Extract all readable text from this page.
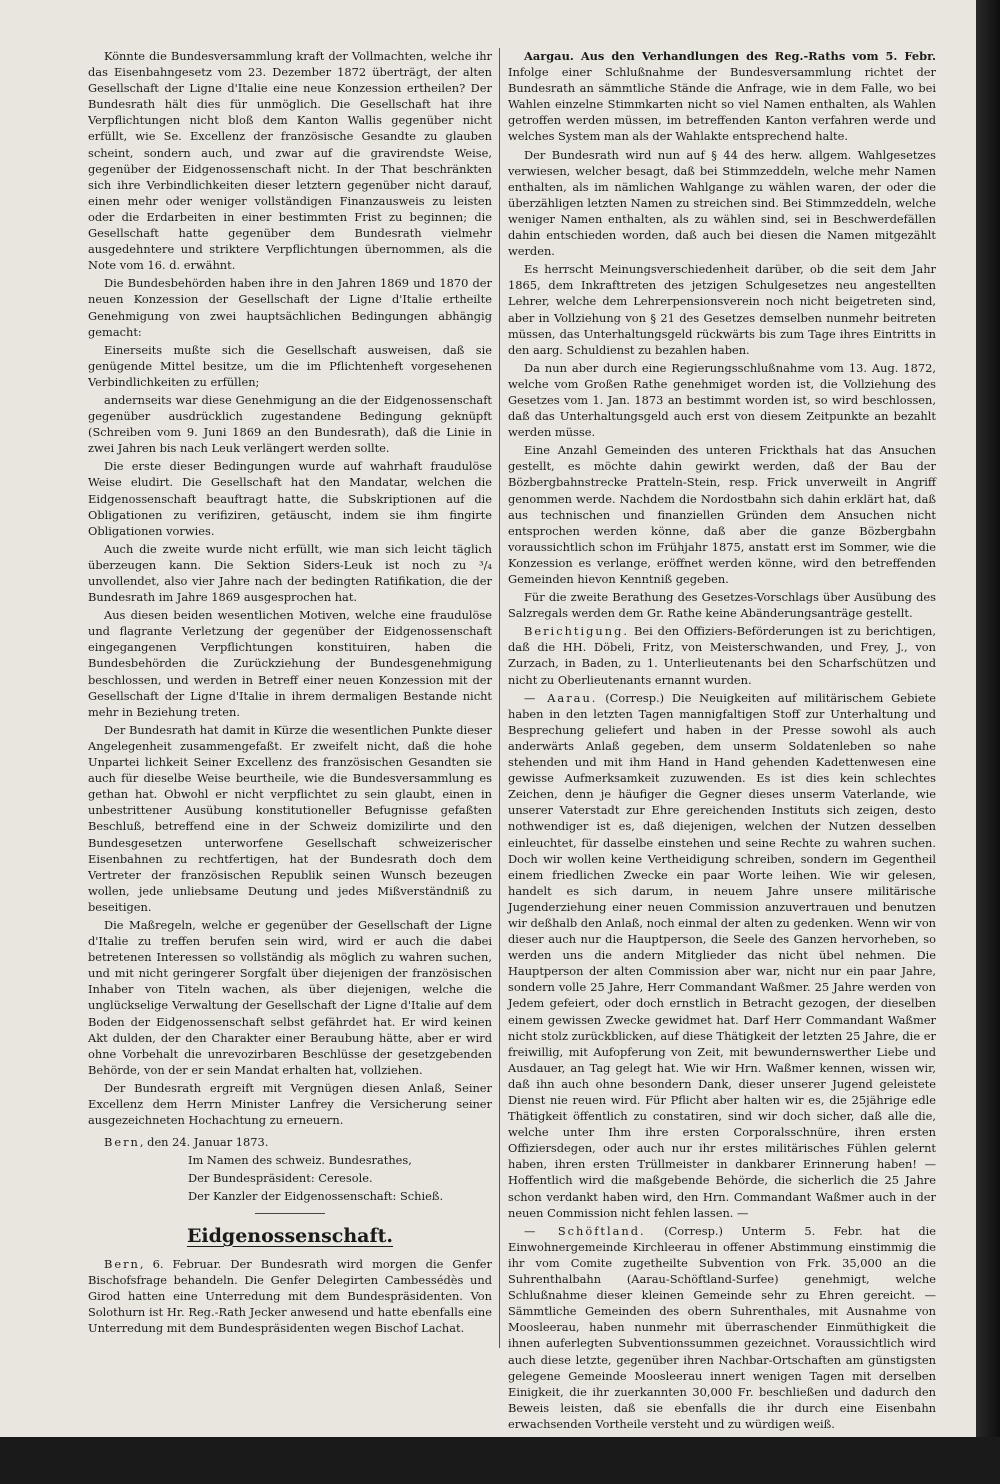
Könnte die Bundesversammlung kraft der Vollmachten, welche ihr das Eisenbahngesetz vom 23. Dezember 1872 überträgt, der alten Gesellschaft der Ligne d'Italie eine neue Konzession ertheilen? Der Bundesrath hält dies für unmöglich. Die Gesellschaft hat ihre Verpflichtungen nicht bloß dem Kanton Wallis gegenüber nicht erfüllt, wie Se. Excellenz der französische Gesandte zu glauben scheint, sondern auch, und zwar auf die gravirendste Weise, gegenüber der Eidgenossenschaft nicht. In der That beschränkten sich ihre Verbindlichkeiten dieser letztern gegenüber nicht darauf, einen mehr oder weniger vollständigen Finanzausweis zu leisten oder die Erdarbeiten in einer bestimmten Frist zu beginnen; die Gesellschaft hatte gegenüber dem Bundesrath vielmehr ausgedehntere und striktere Verpflichtungen übernommen, als die Note vom 16. d. erwähnt.

Die Bundesbehörden haben ihre in den Jahren 1869 und 1870 der neuen Konzession der Gesellschaft der Ligne d'Italie ertheilte Genehmigung von zwei hauptsächlichen Bedingungen abhängig gemacht:

Einerseits mußte sich die Gesellschaft ausweisen, daß sie genügende Mittel besitze, um die im Pflichtenheft vorgesehenen Verbindlichkeiten zu erfüllen;

andernseits war diese Genehmigung an die der Eidgenossenschaft gegenüber ausdrücklich zugestandene Bedingung geknüpft (Schreiben vom 9. Juni 1869 an den Bundesrath), daß die Linie in zwei Jahren bis nach Leuk verlängert werden sollte.

Die erste dieser Bedingungen wurde auf wahrhaft fraudulöse Weise eludirt. Die Gesellschaft hat den Mandatar, welchen die Eidgenossenschaft beauftragt hatte, die Subskriptionen auf die Obligationen zu verifiziren, getäuscht, indem sie ihm fingirte Obligationen vorwies.

Auch die zweite wurde nicht erfüllt, wie man sich leicht täglich überzeugen kann. Die Sektion Siders-Leuk ist noch zu ³/₄ unvollendet, also vier Jahre nach der bedingten Ratifikation, die der Bundesrath im Jahre 1869 ausgesprochen hat.

Aus diesen beiden wesentlichen Motiven, welche eine fraudulöse und flagrante Verletzung der gegenüber der Eidgenossenschaft eingegangenen Verpflichtungen konstituiren, haben die Bundesbehörden die Zurückziehung der Bundesgenehmigung beschlossen, und werden in Betreff einer neuen Konzession mit der Gesellschaft der Ligne d'Italie in ihrem dermaligen Bestande nicht mehr in Beziehung treten.

Der Bundesrath hat damit in Kürze die wesentlichen Punkte dieser Angelegenheit zusammengefaßt. Er zweifelt nicht, daß die hohe Unpartei lichkeit Seiner Excellenz des französischen Gesandten sie auch für dieselbe Weise beurtheile, wie die Bundesversammlung es gethan hat. Obwohl er nicht verpflichtet zu sein glaubt, einen in unbestrittener Ausübung konstitutioneller Befugnisse gefaßten Beschluß, betreffend eine in der Schweiz domizilirte und den Bundesgesetzen unterworfene Gesellschaft schweizerischer Eisenbahnen zu rechtfertigen, hat der Bundesrath doch dem Vertreter der französischen Republik seinen Wunsch bezeugen wollen, jede unliebsame Deutung und jedes Mißverständniß zu beseitigen.

Die Maßregeln, welche er gegenüber der Gesellschaft der Ligne d'Italie zu treffen berufen sein wird, wird er auch die dabei betretenen Interessen so vollständig als möglich zu wahren suchen, und mit nicht geringerer Sorgfalt über diejenigen der französischen Inhaber von Titeln wachen, als über diejenigen, welche die unglückselige Verwaltung der Gesellschaft der Ligne d'Italie auf dem Boden der Eidgenossenschaft selbst gefährdet hat. Er wird keinen Akt dulden, der den Charakter einer Beraubung hätte, aber er wird ohne Vorbehalt die unrevozirbaren Beschlüsse der gesetzgebenden Behörde, von der er sein Mandat erhalten hat, vollziehen.

Der Bundesrath ergreift mit Vergnügen diesen Anlaß, Seiner Excellenz dem Herrn Minister Lanfrey die Versicherung seiner ausgezeichneten Hochachtung zu erneuern.

Bern, den 24. Januar 1873.

Im Namen des schweiz. Bundesrathes,

Der Bundespräsident: Ceresole.

Der Kanzler der Eidgenossenschaft: Schieß.

Eidgenossenschaft.

Bern, 6. Februar. Der Bundesrath wird morgen die Genfer Bischofsfrage behandeln. Die Genfer Delegirten Cambessédès und Girod hatten eine Unterredung mit dem Bundespräsidenten. Von Solothurn ist Hr. Reg.-Rath Jecker anwesend und hatte ebenfalls eine Unterredung mit dem Bundespräsidenten wegen Bischof Lachat.

Aargau. Aus den Verhandlungen des Reg.-Raths vom 5. Febr. Infolge einer Schlußnahme der Bundesversammlung richtet der Bundesrath an sämmtliche Stände die Anfrage, wie in dem Falle, wo bei Wahlen einzelne Stimmkarten nicht so viel Namen enthalten, als Wahlen getroffen werden müssen, im betreffenden Kanton verfahren werde und welches System man als der Wahlakte entsprechend halte.

Der Bundesrath wird nun auf § 44 des herw. allgem. Wahlgesetzes verwiesen, welcher besagt, daß bei Stimmzeddeln, welche mehr Namen enthalten, als im nämlichen Wahlgange zu wählen waren, der oder die überzähligen letzten Namen zu streichen sind. Bei Stimmzeddeln, welche weniger Namen enthalten, als zu wählen sind, sei in Beschwerdefällen dahin entschieden worden, daß auch bei diesen die Namen mitgezählt werden.

Es herrscht Meinungsverschiedenheit darüber, ob die seit dem Jahr 1865, dem Inkrafttreten des jetzigen Schulgesetzes neu angestellten Lehrer, welche dem Lehrerpensionsverein noch nicht beigetreten sind, aber in Vollziehung von § 21 des Gesetzes demselben nunmehr beitreten müssen, das Unterhaltungsgeld rückwärts bis zum Tage ihres Eintritts in den aarg. Schuldienst zu bezahlen haben.

Da nun aber durch eine Regierungsschlußnahme vom 13. Aug. 1872, welche vom Großen Rathe genehmiget worden ist, die Vollziehung des Gesetzes vom 1. Jan. 1873 an bestimmt worden ist, so wird beschlossen, daß das Unterhaltungsgeld auch erst von diesem Zeitpunkte an bezahlt werden müsse.

Eine Anzahl Gemeinden des unteren Frickthals hat das Ansuchen gestellt, es möchte dahin gewirkt werden, daß der Bau der Bözbergbahnstrecke Pratteln-Stein, resp. Frick unverweilt in Angriff genommen werde. Nachdem die Nordostbahn sich dahin erklärt hat, daß aus technischen und finanziellen Gründen dem Ansuchen nicht entsprochen werden könne, daß aber die ganze Bözbergbahn voraussichtlich schon im Frühjahr 1875, anstatt erst im Sommer, wie die Konzession es verlange, eröffnet werden könne, wird den betreffenden Gemeinden hievon Kenntniß gegeben.

Für die zweite Berathung des Gesetzes-Vorschlags über Ausübung des Salzregals werden dem Gr. Rathe keine Abänderungsanträge gestellt.

Berichtigung. Bei den Offiziers-Beförderungen ist zu berichtigen, daß die HH. Döbeli, Fritz, von Meisterschwanden, und Frey, J., von Zurzach, in Baden, zu 1. Unterlieutenants bei den Scharfschützen und nicht zu Oberlieutenants ernannt wurden.

— Aarau. (Corresp.) Die Neuigkeiten auf militärischem Gebiete haben in den letzten Tagen mannigfaltigen Stoff zur Unterhaltung und Besprechung geliefert und haben in der Presse sowohl als auch anderwärts Anlaß gegeben, dem unserm Soldatenleben so nahe stehenden und mit ihm Hand in Hand gehenden Kadettenwesen eine gewisse Aufmerksamkeit zuzuwenden. Es ist dies kein schlechtes Zeichen, denn je häufiger die Gegner dieses unserm Vaterlande, wie unserer Vaterstadt zur Ehre gereichenden Instituts sich zeigen, desto nothwendiger ist es, daß diejenigen, welchen der Nutzen desselben einleuchtet, für dasselbe einstehen und seine Rechte zu wahren suchen. Doch wir wollen keine Vertheidigung schreiben, sondern im Gegentheil einem friedlichen Zwecke ein paar Worte leihen. Wie wir gelesen, handelt es sich darum, in neuem Jahre unsere militärische Jugenderziehung einer neuen Commission anzuvertrauen und benutzen wir deßhalb den Anlaß, noch einmal der alten zu gedenken. Wenn wir von dieser auch nur die Hauptperson, die Seele des Ganzen hervorheben, so werden uns die andern Mitglieder das nicht übel nehmen. Die Hauptperson der alten Commission aber war, nicht nur ein paar Jahre, sondern volle 25 Jahre, Herr Commandant Waßmer. 25 Jahre werden von Jedem gefeiert, oder doch ernstlich in Betracht gezogen, der dieselben einem gewissen Zwecke gewidmet hat. Darf Herr Commandant Waßmer nicht stolz zurückblicken, auf diese Thätigkeit der letzten 25 Jahre, die er freiwillig, mit Aufopferung von Zeit, mit bewundernswerther Liebe und Ausdauer, an Tag gelegt hat. Wie wir Hrn. Waßmer kennen, wissen wir, daß ihn auch ohne besondern Dank, dieser unserer Jugend geleistete Dienst nie reuen wird. Für Pflicht aber halten wir es, die 25jährige edle Thätigkeit öffentlich zu constatiren, sind wir doch sicher, daß alle die, welche unter Ihm ihre ersten Corporalsschnüre, ihren ersten Offiziersdegen, oder auch nur ihr erstes militärisches Fühlen gelernt haben, ihren ersten Trüllmeister in dankbarer Erinnerung haben! — Hoffentlich wird die maßgebende Behörde, die sicherlich die 25 Jahre schon verdankt haben wird, den Hrn. Commandant Waßmer auch in der neuen Commission nicht fehlen lassen. —

— Schöftland. (Corresp.) Unterm 5. Febr. hat die Einwohnergemeinde Kirchleerau in offener Abstimmung einstimmig die ihr vom Comite zugetheilte Subvention von Frk. 35,000 an die Suhrenthalbahn (Aarau-Schöftland-Surfee) genehmigt, welche Schlußnahme dieser kleinen Gemeinde sehr zu Ehren gereicht. — Sämmtliche Gemeinden des obern Suhrenthales, mit Ausnahme von Moosleerau, haben nunmehr mit überraschender Einmüthigkeit die ihnen auferlegten Subventionssummen gezeichnet. Voraussichtlich wird auch diese letzte, gegenüber ihren Nachbar-Ortschaften am günstigsten gelegene Gemeinde Moosleerau innert wenigen Tagen mit derselben Einigkeit, die ihr zuerkannten 30,000 Fr. beschließen und dadurch den Beweis leisten, daß sie ebenfalls die ihr durch eine Eisenbahn erwachsenden Vortheile versteht und zu würdigen weiß.

— Uerkheim. Nach dem "Zof. Tagbl." wollen die Herren Bally, Besitzer der Schuhfabriken in Schönenwerd, auch in Uerkheim eine solche Fabrike errichten.
